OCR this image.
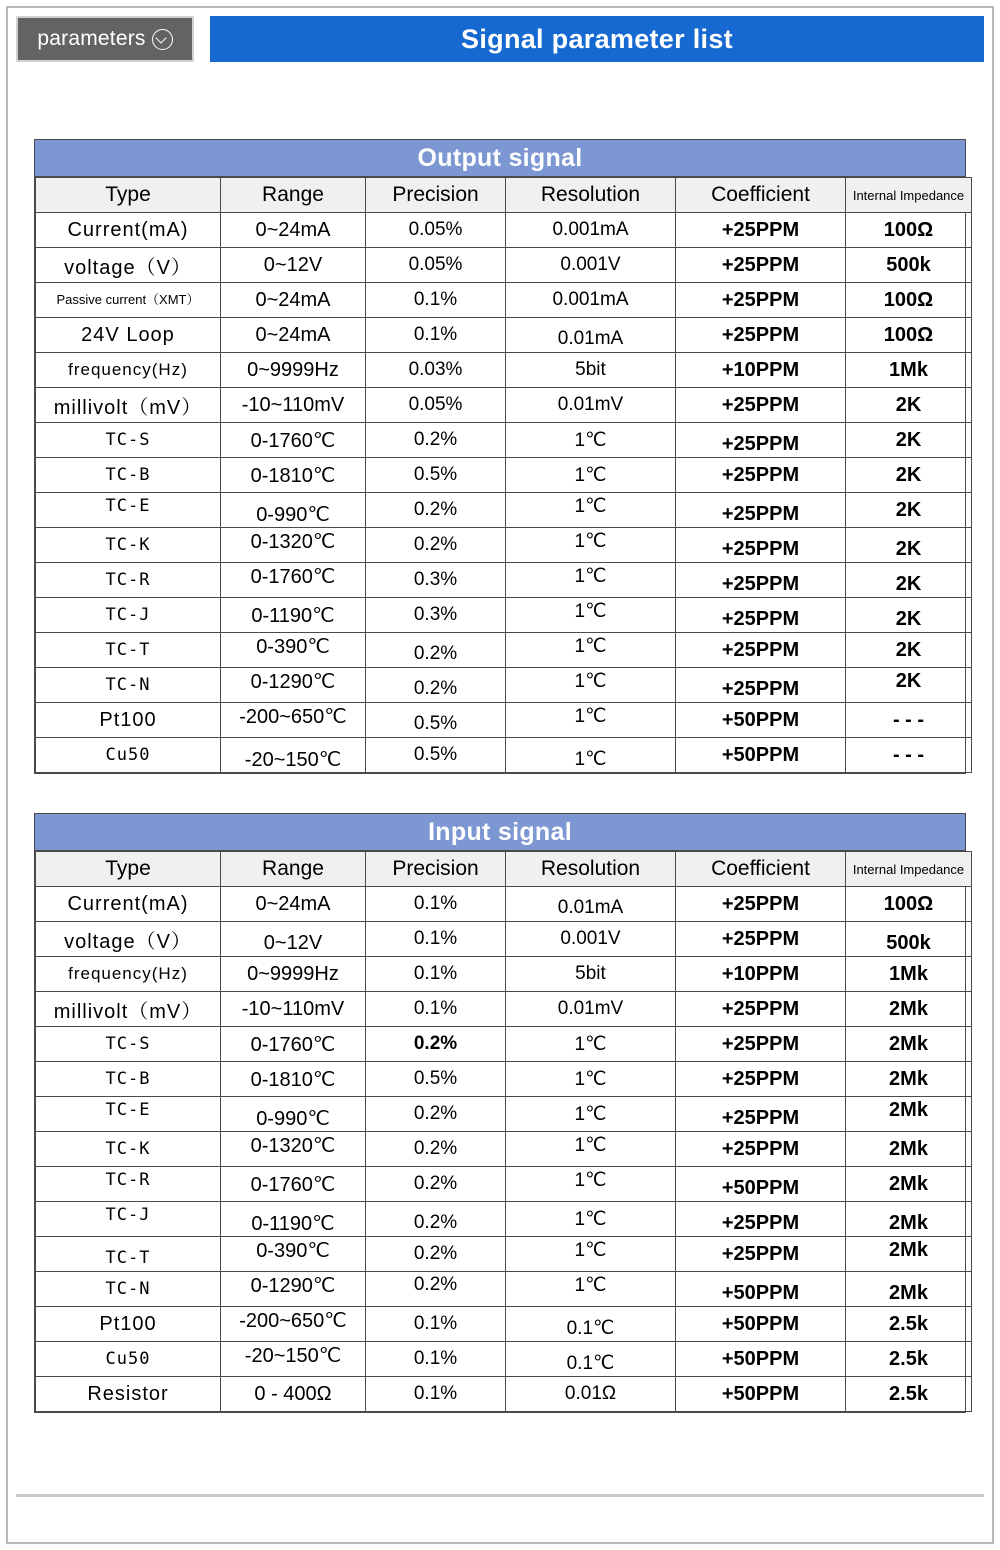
parameters	Signal parameter list
Output signal
Type	Range	Precision	Resolution	Coefficient	Internal Impedance
Current(mA)	0~24mA	0.05%	0.001mA	+25PPM	100Ω
voltage（V）	0~12V	0.05%	0.001V	+25PPM	500k
Passive current（XMT）	0~24mA	0.1%	0.001mA	+25PPM	100Ω
24V Loop	0~24mA	0.1%	0.01mA	+25PPM	100Ω
frequency(Hz)	0~9999Hz	0.03%	5bit	+10PPM	1Mk
millivolt（mV）	-10~110mV	0.05%	0.01mV	+25PPM	2K
TC-S	0-1760℃	0.2%	1℃	+25PPM	2K
TC-B	0-1810℃	0.5%	1℃	+25PPM	2K
TC-E	0-990℃	0.2%	1℃	+25PPM	2K
TC-K	0-1320℃	0.2%	1℃	+25PPM	2K
TC-R	0-1760℃	0.3%	1℃	+25PPM	2K
TC-J	0-1190℃	0.3%	1℃	+25PPM	2K
TC-T	0-390℃	0.2%	1℃	+25PPM	2K
TC-N	0-1290℃	0.2%	1℃	+25PPM	2K
Pt100	-200~650℃	0.5%	1℃	+50PPM	- - -
Cu50	-20~150℃	0.5%	1℃	+50PPM	- - -
Input signal
Type	Range	Precision	Resolution	Coefficient	Internal Impedance
Current(mA)	0~24mA	0.1%	0.01mA	+25PPM	100Ω
voltage（V）	0~12V	0.1%	0.001V	+25PPM	500k
frequency(Hz)	0~9999Hz	0.1%	5bit	+10PPM	1Mk
millivolt（mV）	-10~110mV	0.1%	0.01mV	+25PPM	2Mk
TC-S	0-1760℃	0.2%	1℃	+25PPM	2Mk
TC-B	0-1810℃	0.5%	1℃	+25PPM	2Mk
TC-E	0-990℃	0.2%	1℃	+25PPM	2Mk
TC-K	0-1320℃	0.2%	1℃	+25PPM	2Mk
TC-R	0-1760℃	0.2%	1℃	+50PPM	2Mk
TC-J	0-1190℃	0.2%	1℃	+25PPM	2Mk
TC-T	0-390℃	0.2%	1℃	+25PPM	2Mk
TC-N	0-1290℃	0.2%	1℃	+50PPM	2Mk
Pt100	-200~650℃	0.1%	0.1℃	+50PPM	2.5k
Cu50	-20~150℃	0.1%	0.1℃	+50PPM	2.5k
Resistor	0 - 400Ω	0.1%	0.01Ω	+50PPM	2.5k
